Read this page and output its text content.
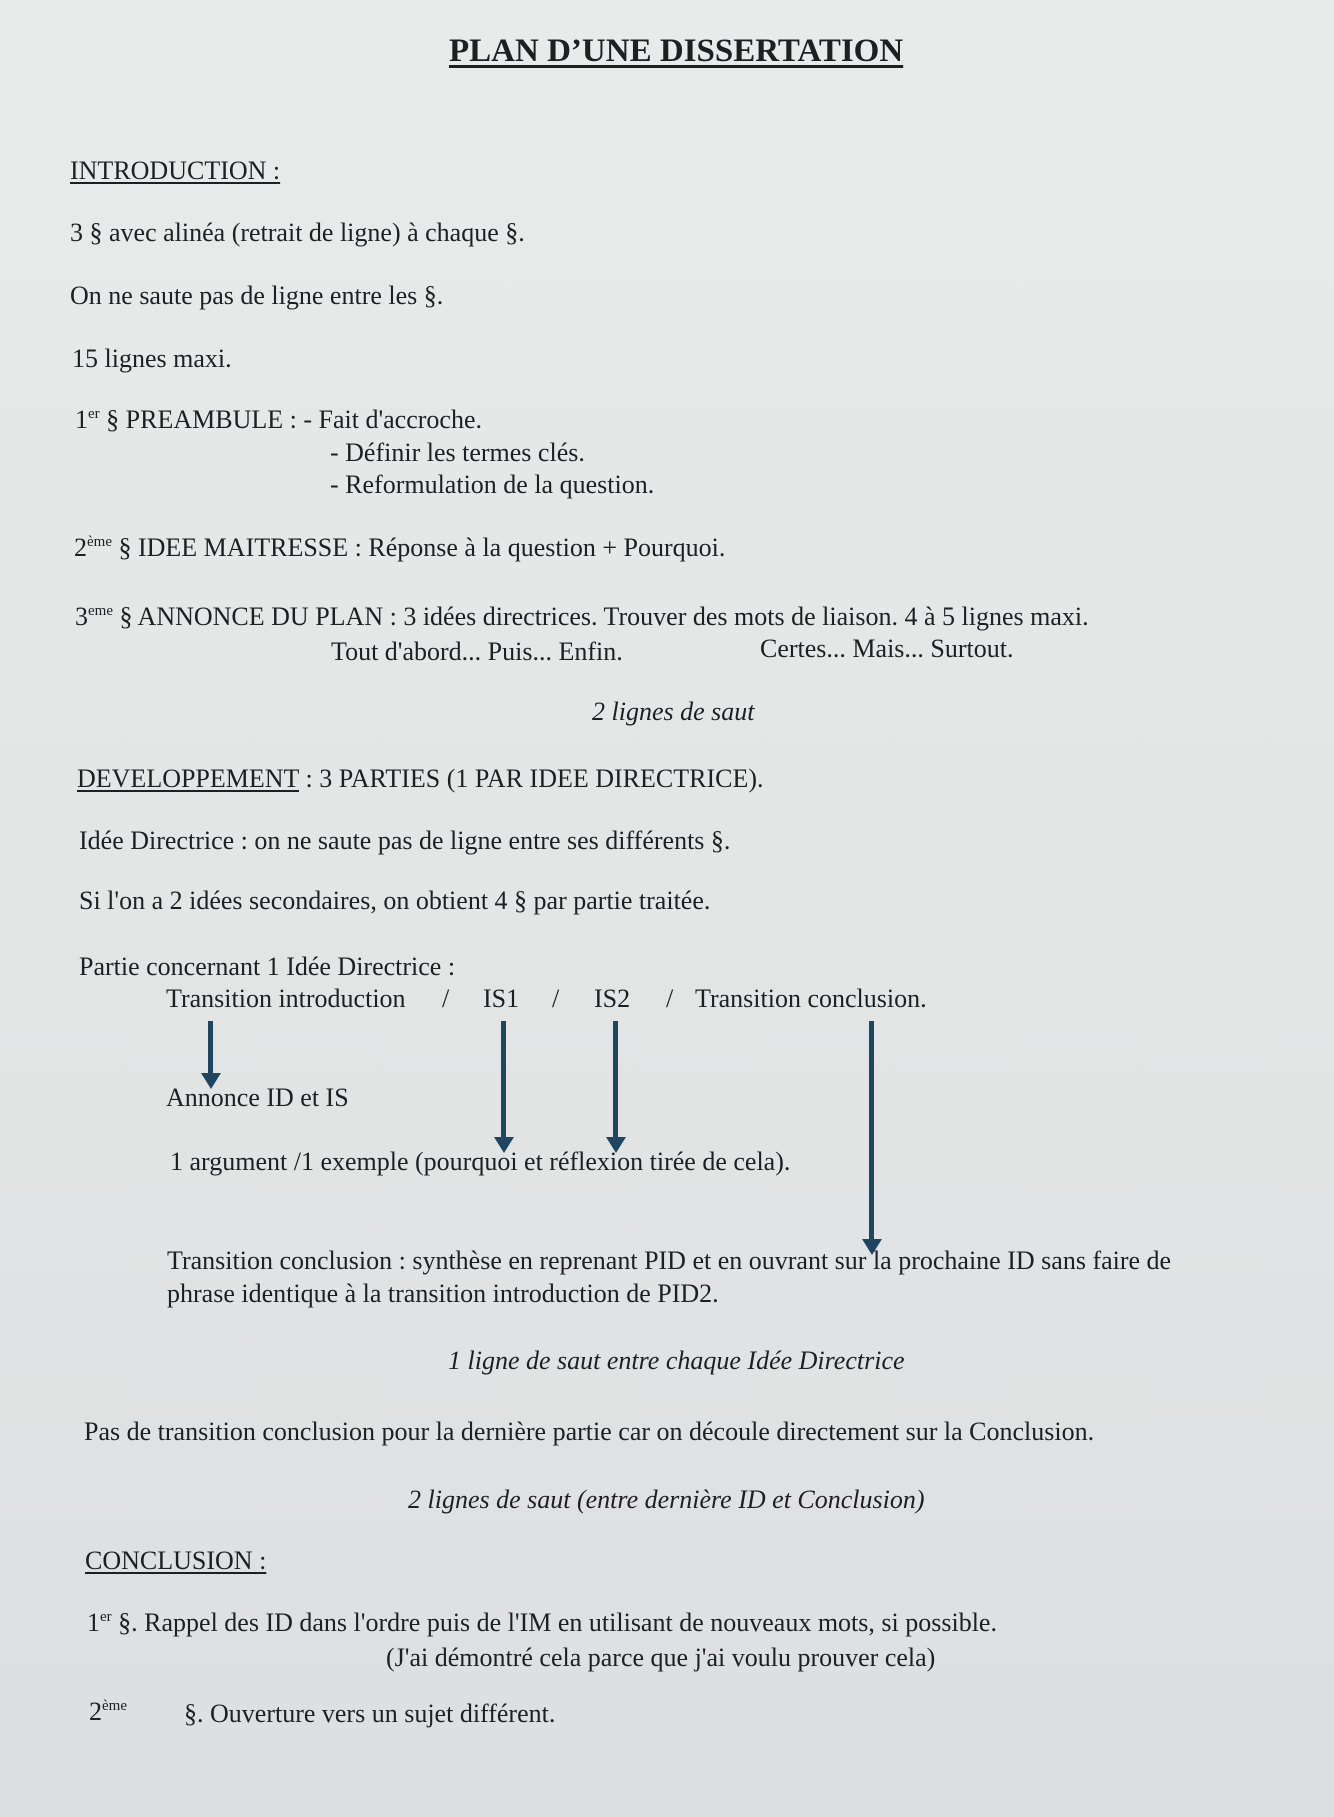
PLAN D’UNE DISSERTATION
INTRODUCTION :
3 § avec alinéa (retrait de ligne) à chaque §.
On ne saute pas de ligne entre les §.
15 lignes maxi.
1er § PREAMBULE : - Fait d'accroche.
- Définir les termes clés.
- Reformulation de la question.
2ème § IDEE MAITRESSE : Réponse à la question + Pourquoi.
3eme § ANNONCE DU PLAN : 3 idées directrices. Trouver des mots de liaison. 4 à 5 lignes maxi.
Tout d'abord... Puis... Enfin.	Certes... Mais... Surtout.
2 lignes de saut
DEVELOPPEMENT : 3 PARTIES (1 PAR IDEE DIRECTRICE).
Idée Directrice : on ne saute pas de ligne entre ses différents §.
Si l'on a 2 idées secondaires, on obtient 4 § par partie traitée.
Partie concernant 1 Idée Directrice :
Transition introduction / IS1 / IS2 / Transition conclusion.
Annonce ID et IS
1 argument /1 exemple (pourquoi et réflexion tirée de cela).
Transition conclusion : synthèse en reprenant PID et en ouvrant sur la prochaine ID sans faire de
phrase identique à la transition introduction de PID2.
1 ligne de saut entre chaque Idée Directrice
Pas de transition conclusion pour la dernière partie car on découle directement sur la Conclusion.
2 lignes de saut (entre dernière ID et Conclusion)
CONCLUSION :
1er §. Rappel des ID dans l'ordre puis de l'IM en utilisant de nouveaux mots, si possible.
(J'ai démontré cela parce que j'ai voulu prouver cela)
2ème §. Ouverture vers un sujet différent.
